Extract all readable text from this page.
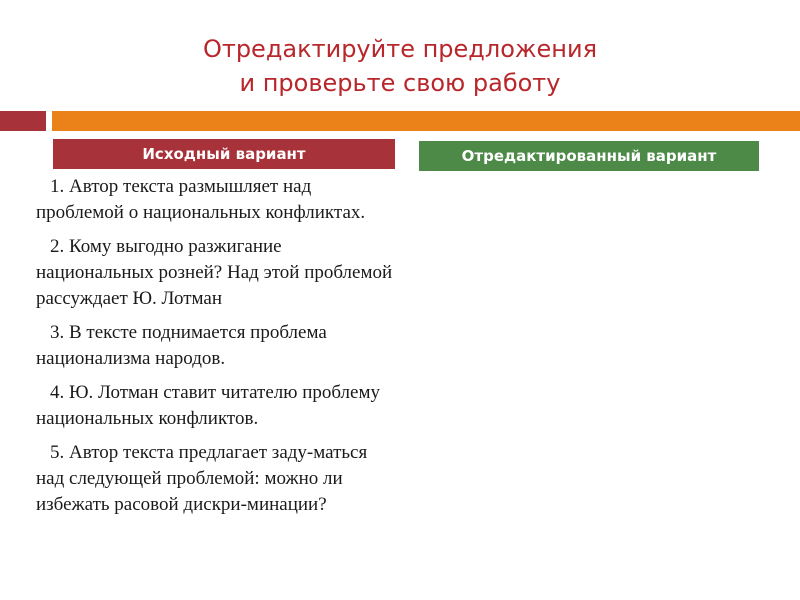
Отредактируйте предложения
и проверьте свою работу
Исходный вариант	Отредактированный вариант
1. Автор текста размышляет над проблемой о национальных конфликтах.
2. Кому выгодно разжигание национальных розней? Над этой проблемой рассуждает Ю. Лотман
3. В тексте поднимается проблема национализма народов.
4. Ю. Лотман ставит читателю проблему национальных конфликтов.
5. Автор текста предлагает заду-маться над следующей проблемой: можно ли избежать расовой дискри-минации?
